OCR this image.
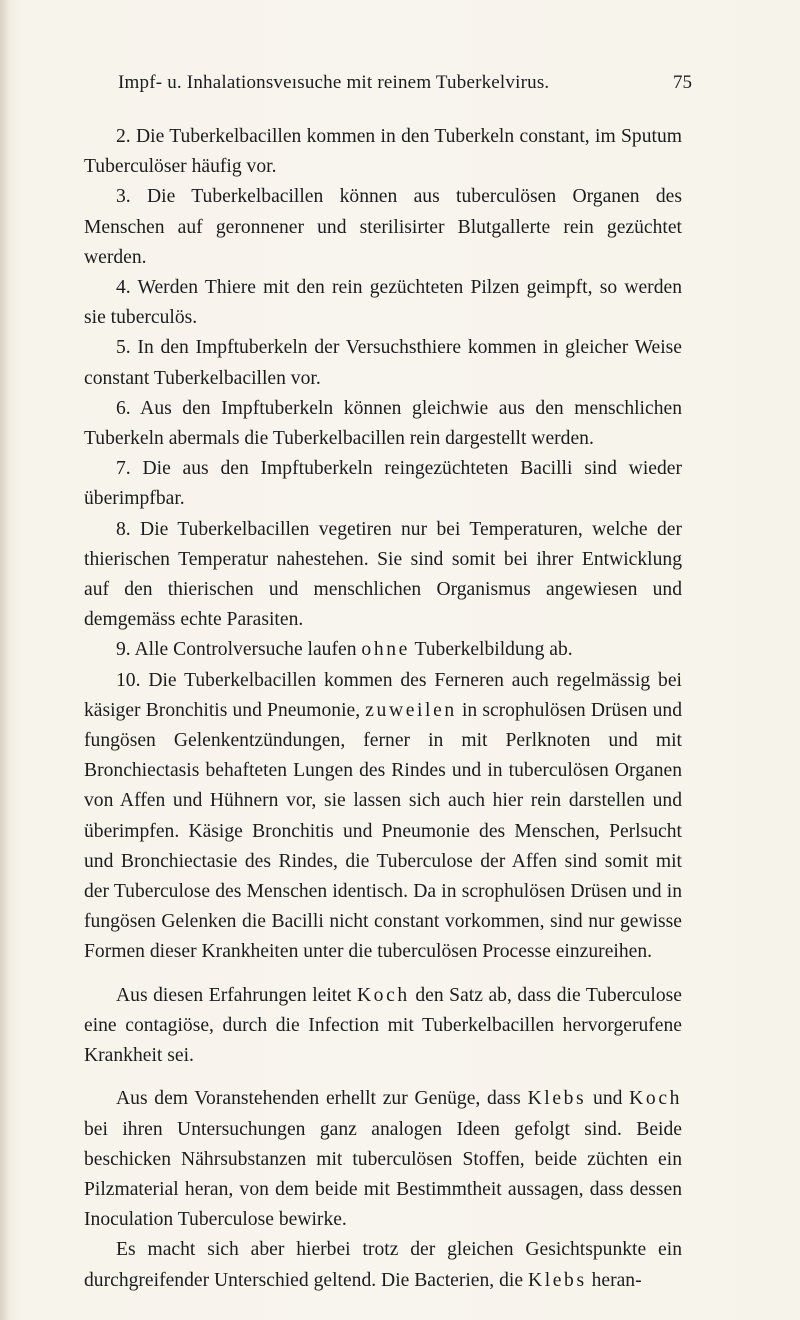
Impf- u. Inhalationsveısuche mit reinem Tuberkelvirus.	75

2. Die Tuberkelbacillen kommen in den Tuberkeln constant, im Sputum Tuberculöser häufig vor.

3. Die Tuberkelbacillen können aus tuberculösen Organen des Menschen auf geronnener und sterilisirter Blutgallerte rein gezüchtet werden.

4. Werden Thiere mit den rein gezüchteten Pilzen geimpft, so werden sie tuberculös.

5. In den Impftuberkeln der Versuchsthiere kommen in gleicher Weise constant Tuberkelbacillen vor.

6. Aus den Impftuberkeln können gleichwie aus den menschlichen Tuberkeln abermals die Tuberkelbacillen rein dargestellt werden.

7. Die aus den Impftuberkeln reingezüchteten Bacilli sind wieder überimpfbar.

8. Die Tuberkelbacillen vegetiren nur bei Temperaturen, welche der thierischen Temperatur nahestehen. Sie sind somit bei ihrer Entwicklung auf den thierischen und menschlichen Organismus angewiesen und demgemäss echte Parasiten.

9. Alle Controlversuche laufen ohne Tuberkelbildung ab.

10. Die Tuberkelbacillen kommen des Ferneren auch regelmässig bei käsiger Bronchitis und Pneumonie, zuweilen in scrophulösen Drüsen und fungösen Gelenkentzündungen, ferner in mit Perlknoten und mit Bronchiectasis behafteten Lungen des Rindes und in tuberculösen Organen von Affen und Hühnern vor, sie lassen sich auch hier rein darstellen und überimpfen. Käsige Bronchitis und Pneumonie des Menschen, Perlsucht und Bronchiectasie des Rindes, die Tuberculose der Affen sind somit mit der Tuberculose des Menschen identisch. Da in scrophulösen Drüsen und in fungösen Gelenken die Bacilli nicht constant vorkommen, sind nur gewisse Formen dieser Krankheiten unter die tuberculösen Processe einzureihen.

Aus diesen Erfahrungen leitet Koch den Satz ab, dass die Tuberculose eine contagiöse, durch die Infection mit Tuberkelbacillen hervorgerufene Krankheit sei.

Aus dem Voranstehenden erhellt zur Genüge, dass Klebs und Koch bei ihren Untersuchungen ganz analogen Ideen gefolgt sind. Beide beschicken Nährsubstanzen mit tuberculösen Stoffen, beide züchten ein Pilzmaterial heran, von dem beide mit Bestimmtheit aussagen, dass dessen Inoculation Tuberculose bewirke.

Es macht sich aber hierbei trotz der gleichen Gesichtspunkte ein durchgreifender Unterschied geltend. Die Bacterien, die Klebs heran-
